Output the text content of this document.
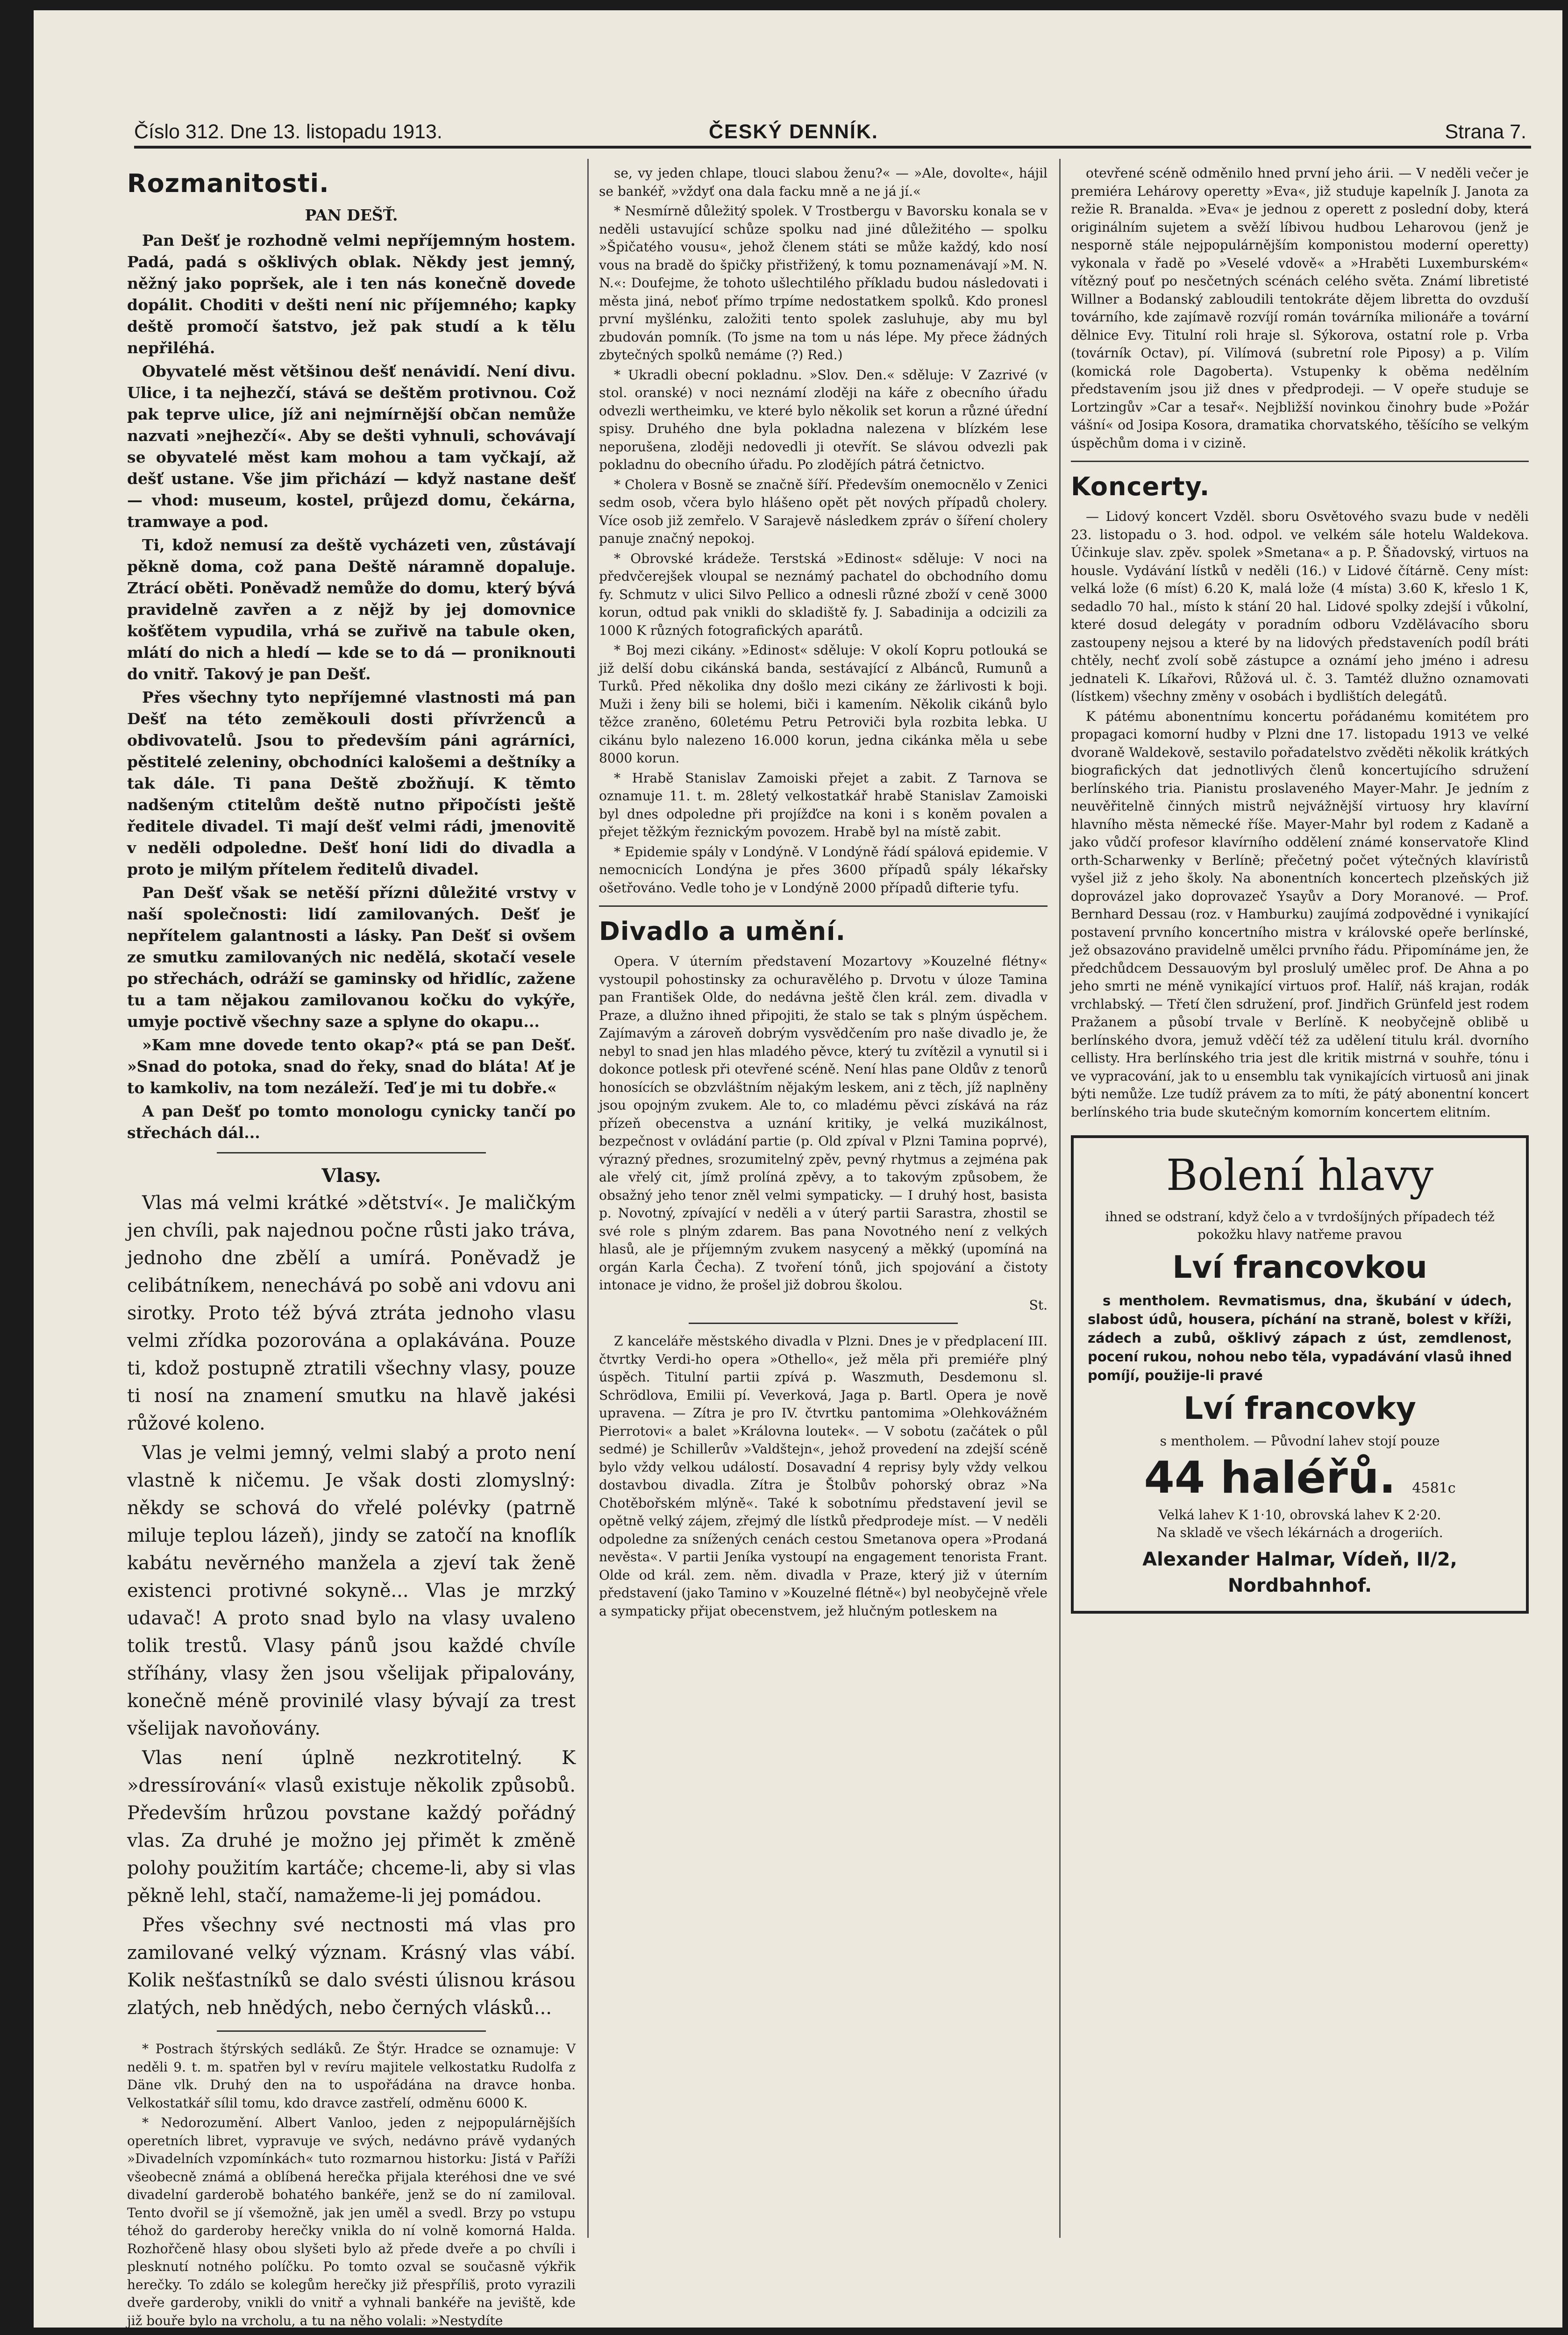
Číslo 312. Dne 13. listopadu 1913.	ČESKÝ DENNÍK.	Strana 7.
Rozmanitosti.
PAN DEŠŤ.

Pan Dešť je rozhodně velmi nepříjemným hostem. Padá, padá s ošklivých oblak. Někdy jest jemný, něžný jako popršek, ale i ten nás konečně dovede dopálit. Choditi v dešti není nic příjemného; kapky deště promočí šatstvo, jež pak studí a k tělu nepřiléhá.

Obyvatelé měst většinou dešť nenávidí. Není divu. Ulice, i ta nejhezčí, stává se deštěm protivnou. Což pak teprve ulice, jíž ani nejmírnější občan nemůže nazvati »nejhezčí«. Aby se dešti vyhnuli, schovávají se obyvatelé měst kam mohou a tam vyčkají, až dešť ustane. Vše jim přichází — když nastane dešť — vhod: museum, kostel, průjezd domu, čekárna, tramwaye a pod.

Ti, kdož nemusí za deště vycházeti ven, zůstávají pěkně doma, což pana Deště náramně dopaluje. Ztrácí oběti. Poněvadž nemůže do domu, který bývá pravidelně zavřen a z nějž by jej domovnice košťětem vypudila, vrhá se zuřivě na tabule oken, mlátí do nich a hledí — kde se to dá — proniknouti do vnitř. Takový je pan Dešť.

Přes všechny tyto nepříjemné vlastnosti má pan Dešť na této zeměkouli dosti přívrženců a obdivovatelů. Jsou to především páni agrárníci, pěstitelé zeleniny, obchodníci kalošemi a deštníky a tak dále. Ti pana Deště zbožňují. K těmto nadšeným ctitelům deště nutno připočísti ještě ředitele divadel. Ti mají dešť velmi rádi, jmenovitě v neděli odpoledne. Dešť honí lidi do divadla a proto je milým přítelem ředitelů divadel.

Pan Dešť však se netěší přízni důležité vrstvy v naší společnosti: lidí zamilovaných. Dešť je nepřítelem galantnosti a lásky. Pan Dešť si ovšem ze smutku zamilovaných nic nedělá, skotačí vesele po střechách, odráží se gaminsky od hřidlíc, zažene tu a tam nějakou zamilovanou kočku do vykýře, umyje poctivě všechny saze a splyne do okapu...

»Kam mne dovede tento okap?« ptá se pan Dešť. »Snad do potoka, snad do řeky, snad do bláta! Ať je to kamkoliv, na tom nezáleží. Teď je mi tu dobře.«

A pan Dešť po tomto monologu cynicky tančí po střechách dál...

Vlasy.

Vlas má velmi krátké »dětství«. Je maličkým jen chvíli, pak najednou počne růsti jako tráva, jednoho dne zbělí a umírá. Poněvadž je celibátníkem, nenechává po sobě ani vdovu ani sirotky. Proto též bývá ztráta jednoho vlasu velmi zřídka pozorována a oplakávána. Pouze ti, kdož postupně ztratili všechny vlasy, pouze ti nosí na znamení smutku na hlavě jakési růžové koleno.

Vlas je velmi jemný, velmi slabý a proto není vlastně k ničemu. Je však dosti zlomyslný: někdy se schová do vřelé polévky (patrně miluje teplou lázeň), jindy se zatočí na knoflík kabátu nevěrného manžela a zjeví tak ženě existenci protivné sokyně... Vlas je mrzký udavač! A proto snad bylo na vlasy uvaleno tolik trestů. Vlasy pánů jsou každé chvíle stříhány, vlasy žen jsou všelijak připalovány, konečně méně provinilé vlasy bývají za trest všelijak navoňovány.

Vlas není úplně nezkrotitelný. K »dressírování« vlasů existuje několik způsobů. Především hrůzou povstane každý pořádný vlas. Za druhé je možno jej přimět k změně polohy použitím kartáče; chceme-li, aby si vlas pěkně lehl, stačí, namažeme-li jej pomádou.

Přes všechny své nectnosti má vlas pro zamilované velký význam. Krásný vlas vábí. Kolik nešťastníků se dalo svésti úlisnou krásou zlatých, neb hnědých, nebo černých vlásků...

* Postrach štýrských sedláků. Ze Štýr. Hradce se oznamuje: V neděli 9. t. m. spatřen byl v revíru majitele velkostatku Rudolfa z Däne vlk. Druhý den na to uspořádána na dravce honba. Velkostatkář sílil tomu, kdo dravce zastřelí, odměnu 6000 K.

* Nedorozumění. Albert Vanloo, jeden z nejpopulárnějších operetních libret, vypravuje ve svých, nedávno právě vydaných »Divadelních vzpomínkách« tuto rozmarnou historku: Jistá v Paříži všeobecně známá a oblíbená herečka přijala kteréhosi dne ve své divadelní garderobě bohatého bankéře, jenž se do ní zamiloval. Tento dvořil se jí všemožně, jak jen uměl a svedl. Brzy po vstupu téhož do garderoby herečky vnikla do ní volně komorná Halda. Rozhořčeně hlasy obou slyšeti bylo až přede dveře a po chvíli i plesknutí notného políčku. Po tomto ozval se současně výkřik herečky. To zdálo se kolegům herečky již přespříliš, proto vyrazili dveře garderoby, vnikli do vnitř a vyhnali bankéře na jeviště, kde již bouře bylo na vrcholu, a tu na něho volali: »Nestydíte

se, vy jeden chlape, tlouci slabou ženu?« — »Ale, dovolte«, hájil se bankéř, »vždyť ona dala facku mně a ne já jí.«

* Nesmírně důležitý spolek. V Trostbergu v Bavorsku konala se v neděli ustavující schůze spolku nad jiné důležitého — spolku »Špičatého vousu«, jehož členem státi se může každý, kdo nosí vous na bradě do špičky přistřižený, k tomu poznamenávají »M. N. N.«: Doufejme, že tohoto ušlechtilého příkladu budou následovati i města jiná, neboť přímo trpíme nedostatkem spolků. Kdo pronesl první myšlénku, založiti tento spolek zasluhuje, aby mu byl zbudován pomník. (To jsme na tom u nás lépe. My přece žádných zbytečných spolků nemáme (?) Red.)

* Ukradli obecní pokladnu. »Slov. Den.« sděluje: V Zazrivé (v stol. oranské) v noci neznámí zloději na káře z obecního úřadu odvezli wertheimku, ve které bylo několik set korun a různé úřední spisy. Druhého dne byla pokladna nalezena v blízkém lese neporušena, zloději nedovedli ji otevřít. Se slávou odvezli pak pokladnu do obecního úřadu. Po zlodějích pátrá četnictvo.

* Cholera v Bosně se značně šíří. Především onemocnělo v Zenici sedm osob, včera bylo hlášeno opět pět nových případů cholery. Více osob již zemřelo. V Sarajevě následkem zpráv o šíření cholery panuje značný nepokoj.

* Obrovské krádeže. Terstská »Edinost« sděluje: V noci na předvčerejšek vloupal se neznámý pachatel do obchodního domu fy. Schmutz v ulici Silvo Pellico a odnesli různé zboží v ceně 3000 korun, odtud pak vnikli do skladiště fy. J. Sabadinija a odcizili za 1000 K různých fotografických aparátů.

* Boj mezi cikány. »Edinost« sděluje: V okolí Kopru potlouká se již delší dobu cikánská banda, sestávající z Albánců, Rumunů a Turků. Před několika dny došlo mezi cikány ze žárlivosti k boji. Muži i ženy bili se holemi, biči i kamením. Několik cikánů bylo těžce zraněno, 60letému Petru Petroviči byla rozbita lebka. U cikánu bylo nalezeno 16.000 korun, jedna cikánka měla u sebe 8000 korun.

* Hrabě Stanislav Zamoiski přejet a zabit. Z Tarnova se oznamuje 11. t. m. 28letý velkostatkář hrabě Stanislav Zamoiski byl dnes odpoledne při projížďce na koni i s koněm povalen a přejet těžkým řeznickým povozem. Hrabě byl na místě zabit.

* Epidemie spály v Londýně. V Londýně řádí spálová epidemie. V nemocnicích Londýna je přes 3600 případů spály lékařsky ošetřováno. Vedle toho je v Londýně 2000 případů difterie tyfu.

Divadlo a umění.

Opera. V úterním představení Mozartovy »Kouzelné flétny« vystoupil pohostinsky za ochuravělého p. Drvotu v úloze Tamina pan František Olde, do nedávna ještě člen král. zem. divadla v Praze, a dlužno ihned připojiti, že stalo se tak s plným úspěchem. Zajímavým a zároveň dobrým vysvědčením pro naše divadlo je, že nebyl to snad jen hlas mladého pěvce, který tu zvítězil a vynutil si i dokonce potlesk při otevřené scéně. Není hlas pane Oldův z tenorů honosících se obzvláštním nějakým leskem, ani z těch, jíž naplněny jsou opojným zvukem. Ale to, co mladému pěvci získává na ráz přízeň obecenstva a uznání kritiky, je velká muzikálnost, bezpečnost v ovládání partie (p. Old zpíval v Plzni Tamina poprvé), výrazný přednes, srozumitelný zpěv, pevný rhytmus a zejména pak ale vřelý cit, jímž prolíná zpěvy, a to takovým způsobem, že obsažný jeho tenor zněl velmi sympaticky. — I druhý host, basista p. Novotný, zpívající v neděli a v úterý partii Sarastra, zhostil se své role s plným zdarem. Bas pana Novotného není z velkých hlasů, ale je příjemným zvukem nasycený a měkký (upomíná na orgán Karla Čecha). Z tvoření tónů, jich spojování a čistoty intonace je vidno, že prošel již dobrou školou.

St.

Z kanceláře městského divadla v Plzni. Dnes je v předplacení III. čtvrtky Verdi-ho opera »Othello«, jež měla při premiéře plný úspěch. Titulní partii zpívá p. Waszmuth, Desdemonu sl. Schrödlova, Emilii pí. Veverková, Jaga p. Bartl. Opera je nově upravena. — Zítra je pro IV. čtvrtku pantomima »Olehkovážném Pierrotovi« a balet »Královna loutek«. — V sobotu (začátek o půl sedmé) je Schillerův »Valdštejn«, jehož provedení na zdejší scéně bylo vždy velkou událostí. Dosavadní 4 reprisy byly vždy velkou dostavbou divadla. Zítra je Štolbův pohorský obraz »Na Chotěbořském mlýně«. Také k sobotnímu představení jevil se opětně velký zájem, zřejmý dle lístků předprodeje míst. — V neděli odpoledne za snížených cenách cestou Smetanova opera »Prodaná nevěsta«. V partii Jeníka vystoupí na engagement tenorista Frant. Olde od král. zem. něm. divadla v Praze, který již v úterním představení (jako Tamino v »Kouzelné flétně«) byl neobyčejně vřele a sympaticky přijat obecenstvem, jež hlučným potleskem na

otevřené scéně odměnilo hned první jeho árii. — V neděli večer je premiéra Lehárovy operetty »Eva«, již studuje kapelník J. Janota za režie R. Branalda. »Eva« je jednou z operett z poslední doby, která originálním sujetem a svěží líbivou hudbou Leharovou (jenž je nesporně stále nejpopulárnějším komponistou moderní operetty) vykonala v řadě po »Veselé vdově« a »Hraběti Luxemburském« vítězný pouť po nesčetných scénách celého světa. Známí libretisté Willner a Bodanský zabloudili tentokráte dějem libretta do ovzduší továrního, kde zajímavě rozvíjí román továrníka milionáře a tovární dělnice Evy. Titulní roli hraje sl. Sýkorova, ostatní role p. Vrba (továrník Octav), pí. Vilímová (subretní role Piposy) a p. Vilím (komická role Dagoberta). Vstupenky k oběma nedělním představením jsou již dnes v předprodeji. — V opeře studuje se Lortzingův »Car a tesař«. Nejbližší novinkou činohry bude »Požár vášní« od Josipa Kosora, dramatika chorvatského, těšícího se velkým úspěchům doma i v cizině.

Koncerty.

— Lidový koncert Vzděl. sboru Osvětového svazu bude v neděli 23. listopadu o 3. hod. odpol. ve velkém sále hotelu Waldekova. Účinkuje slav. zpěv. spolek »Smetana« a p. P. Šňadovský, virtuos na housle. Vydávání lístků v neděli (16.) v Lidové čítárně. Ceny míst: velká lože (6 míst) 6.20 K, malá lože (4 místa) 3.60 K, křeslo 1 K, sedadlo 70 hal., místo k stání 20 hal. Lidové spolky zdejší i vůkolní, které dosud delegáty v poradním odboru Vzdělávacího sboru zastoupeny nejsou a které by na lidových představeních podíl bráti chtěly, nechť zvolí sobě zástupce a oznámí jeho jméno i adresu jednateli K. Líkařovi, Růžová ul. č. 3. Tamtéž dlužno oznamovati (lístkem) všechny změny v osobách i bydlištích delegátů.

K pátému abonentnímu koncertu pořádanému komitétem pro propagaci komorní hudby v Plzni dne 17. listopadu 1913 ve velké dvoraně Waldekově, sestavilo pořadatelstvo zvěděti několik krátkých biografických dat jednotlivých členů koncertujícího sdružení berlínského tria. Pianistu proslaveného Mayer-Mahr. Je jedním z neuvěřitelně činných mistrů nejvážnější virtuosy hry klavírní hlavního města německé říše. Mayer-Mahr byl rodem z Kadaně a jako vůdčí profesor klavírního oddělení známé konservatoře Klind orth-Scharwenky v Berlíně; přečetný počet výtečných klavíristů vyšel již z jeho školy. Na abonentních koncertech plzeňských již doprovázel jako doprovazeč Ysayův a Dory Moranové. — Prof. Bernhard Dessau (roz. v Hamburku) zaujímá zodpovědné i vynikající postavení prvního koncertního mistra v královské opeře berlínské, jež obsazováno pravidelně umělci prvního řádu. Připomínáme jen, že předchůdcem Dessauovým byl proslulý umělec prof. De Ahna a po jeho smrti ne méně vynikající virtuos prof. Halíř, náš krajan, rodák vrchlabský. — Třetí člen sdružení, prof. Jindřich Grünfeld jest rodem Pražanem a působí trvale v Berlíně. K neobyčejně oblibě u berlínského dvora, jemuž vděčí též za udělení titulu král. dvorního cellisty. Hra berlínského tria jest dle kritik mistrná v souhře, tónu i ve vypracování, jak to u ensemblu tak vynikajících virtuosů ani jinak býti nemůže. Lze tudíž právem za to míti, že pátý abonentní koncert berlínského tria bude skutečným komorním koncertem elitním.

Bolení hlavy

ihned se odstraní, když čelo a v tvrdošíjných případech též pokožku hlavy natřeme pravou

Lví francovkou

s mentholem. Revmatismus, dna, škubání v údech, slabost údů, housera, píchání na straně, bolest v kříži, zádech a zubů, ošklivý zápach z úst, zemdlenost, pocení rukou, nohou nebo těla, vypadávání vlasů ihned pomíjí, použije-li pravé

Lví francovky

s mentholem. — Původní lahev stojí pouze

44 haléřů. 4581c

Velká lahev K 1·10, obrovská lahev K 2·20.

Na skladě ve všech lékárnách a drogeriích.

Alexander Halmar, Vídeň, II/2, Nordbahnhof.
